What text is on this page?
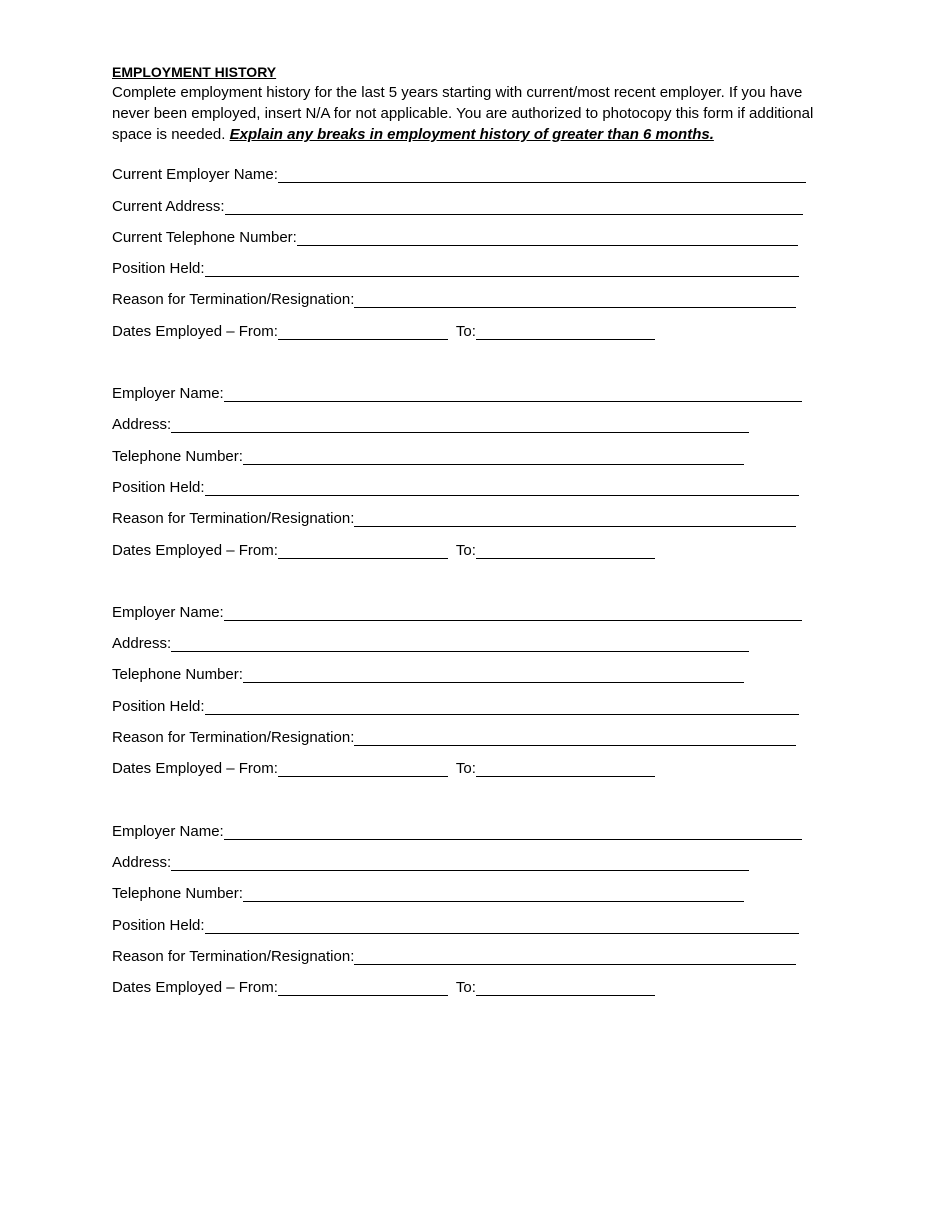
EMPLOYMENT HISTORY

Complete employment history for the last 5 years starting with current/most recent employer. If you have never been employed, insert N/A for not applicable. You are authorized to photocopy this form if additional space is needed. Explain any breaks in employment history of greater than 6 months.

Current Employer Name:
Current Address:
Current Telephone Number:
Position Held:
Reason for Termination/Resignation:
Dates Employed – From:	To:
Employer Name:
Address:
Telephone Number:
Position Held:
Reason for Termination/Resignation:
Dates Employed – From:	To:
Employer Name:
Address:
Telephone Number:
Position Held:
Reason for Termination/Resignation:
Dates Employed – From:	To:
Employer Name:
Address:
Telephone Number:
Position Held:
Reason for Termination/Resignation:
Dates Employed – From:	To:
